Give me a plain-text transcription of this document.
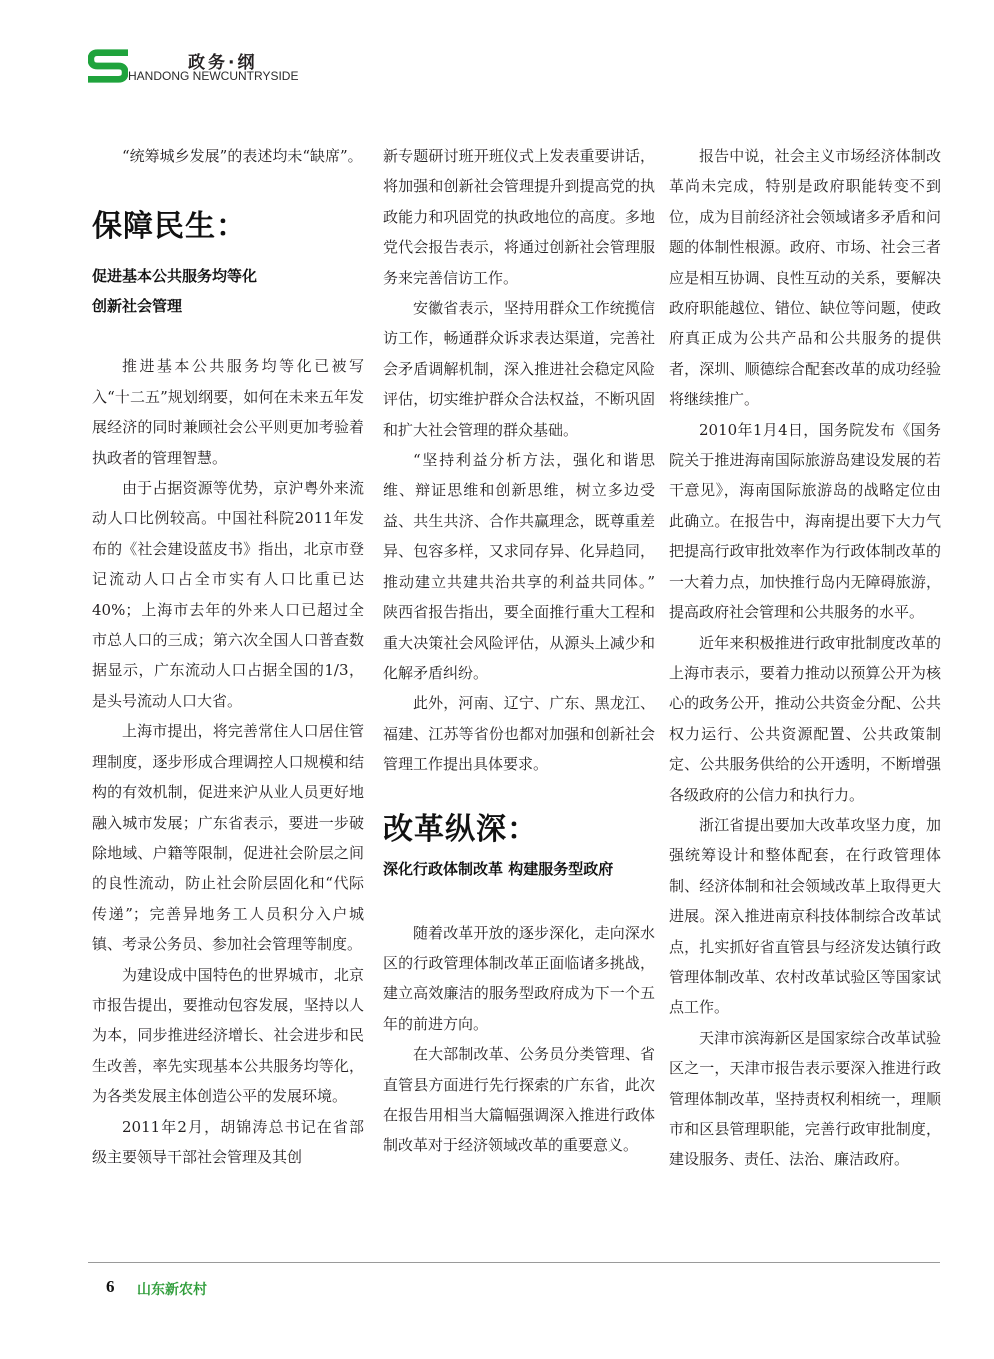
政务·纲
HANDONG NEWCUNTRYSIDE

“统筹城乡发展”的表述均未“缺席”。

保障民生：

促进基本公共服务均等化

创新社会管理

推进基本公共服务均等化已被写入“十二五”规划纲要，如何在未来五年发展经济的同时兼顾社会公平则更加考验着执政者的管理智慧。

由于占据资源等优势，京沪粤外来流动人口比例较高。中国社科院2011年发布的《社会建设蓝皮书》指出，北京市登记流动人口占全市实有人口比重已达40%；上海市去年的外来人口已超过全市总人口的三成；第六次全国人口普查数据显示，广东流动人口占据全国的1/3，是头号流动人口大省。

上海市提出，将完善常住人口居住管理制度，逐步形成合理调控人口规模和结构的有效机制，促进来沪从业人员更好地融入城市发展；广东省表示，要进一步破除地域、户籍等限制，促进社会阶层之间的良性流动，防止社会阶层固化和“代际传递”；完善异地务工人员积分入户城镇、考录公务员、参加社会管理等制度。

为建设成中国特色的世界城市，北京市报告提出，要推动包容发展，坚持以人为本，同步推进经济增长、社会进步和民生改善，率先实现基本公共服务均等化，为各类发展主体创造公平的发展环境。

2011年2月，胡锦涛总书记在省部级主要领导干部社会管理及其创

新专题研讨班开班仪式上发表重要讲话，将加强和创新社会管理提升到提高党的执政能力和巩固党的执政地位的高度。多地党代会报告表示，将通过创新社会管理服务来完善信访工作。

安徽省表示，坚持用群众工作统揽信访工作，畅通群众诉求表达渠道，完善社会矛盾调解机制，深入推进社会稳定风险评估，切实维护群众合法权益，不断巩固和扩大社会管理的群众基础。

“坚持利益分析方法，强化和谐思维、辩证思维和创新思维，树立多边受益、共生共济、合作共赢理念，既尊重差异、包容多样，又求同存异、化异趋同，推动建立共建共治共享的利益共同体。” 陕西省报告指出，要全面推行重大工程和重大决策社会风险评估，从源头上减少和化解矛盾纠纷。

此外，河南、辽宁、广东、黑龙江、福建、江苏等省份也都对加强和创新社会管理工作提出具体要求。

改革纵深：

深化行政体制改革 构建服务型政府

随着改革开放的逐步深化，走向深水区的行政管理体制改革正面临诸多挑战，建立高效廉洁的服务型政府成为下一个五年的前进方向。

在大部制改革、公务员分类管理、省直管县方面进行先行探索的广东省，此次在报告用相当大篇幅强调深入推进行政体制改革对于经济领域改革的重要意义。

报告中说，社会主义市场经济体制改革尚未完成，特别是政府职能转变不到位，成为目前经济社会领域诸多矛盾和问题的体制性根源。政府、市场、社会三者应是相互协调、良性互动的关系，要解决政府职能越位、错位、缺位等问题，使政府真正成为公共产品和公共服务的提供者，深圳、顺德综合配套改革的成功经验将继续推广。

2010年1月4日，国务院发布《国务院关于推进海南国际旅游岛建设发展的若干意见》，海南国际旅游岛的战略定位由此确立。在报告中，海南提出要下大力气把提高行政审批效率作为行政体制改革的一大着力点，加快推行岛内无障碍旅游，提高政府社会管理和公共服务的水平。

近年来积极推进行政审批制度改革的上海市表示，要着力推动以预算公开为核心的政务公开，推动公共资金分配、公共权力运行、公共资源配置、公共政策制定、公共服务供给的公开透明，不断增强各级政府的公信力和执行力。

浙江省提出要加大改革攻坚力度，加强统筹设计和整体配套，在行政管理体制、经济体制和社会领域改革上取得更大进展。深入推进南京科技体制综合改革试点，扎实抓好省直管县与经济发达镇行政管理体制改革、农村改革试验区等国家试点工作。

天津市滨海新区是国家综合改革试验区之一，天津市报告表示要深入推进行政管理体制改革，坚持责权利相统一，理顺市和区县管理职能，完善行政审批制度，建设服务、责任、法治、廉洁政府。

6 山东新农村
